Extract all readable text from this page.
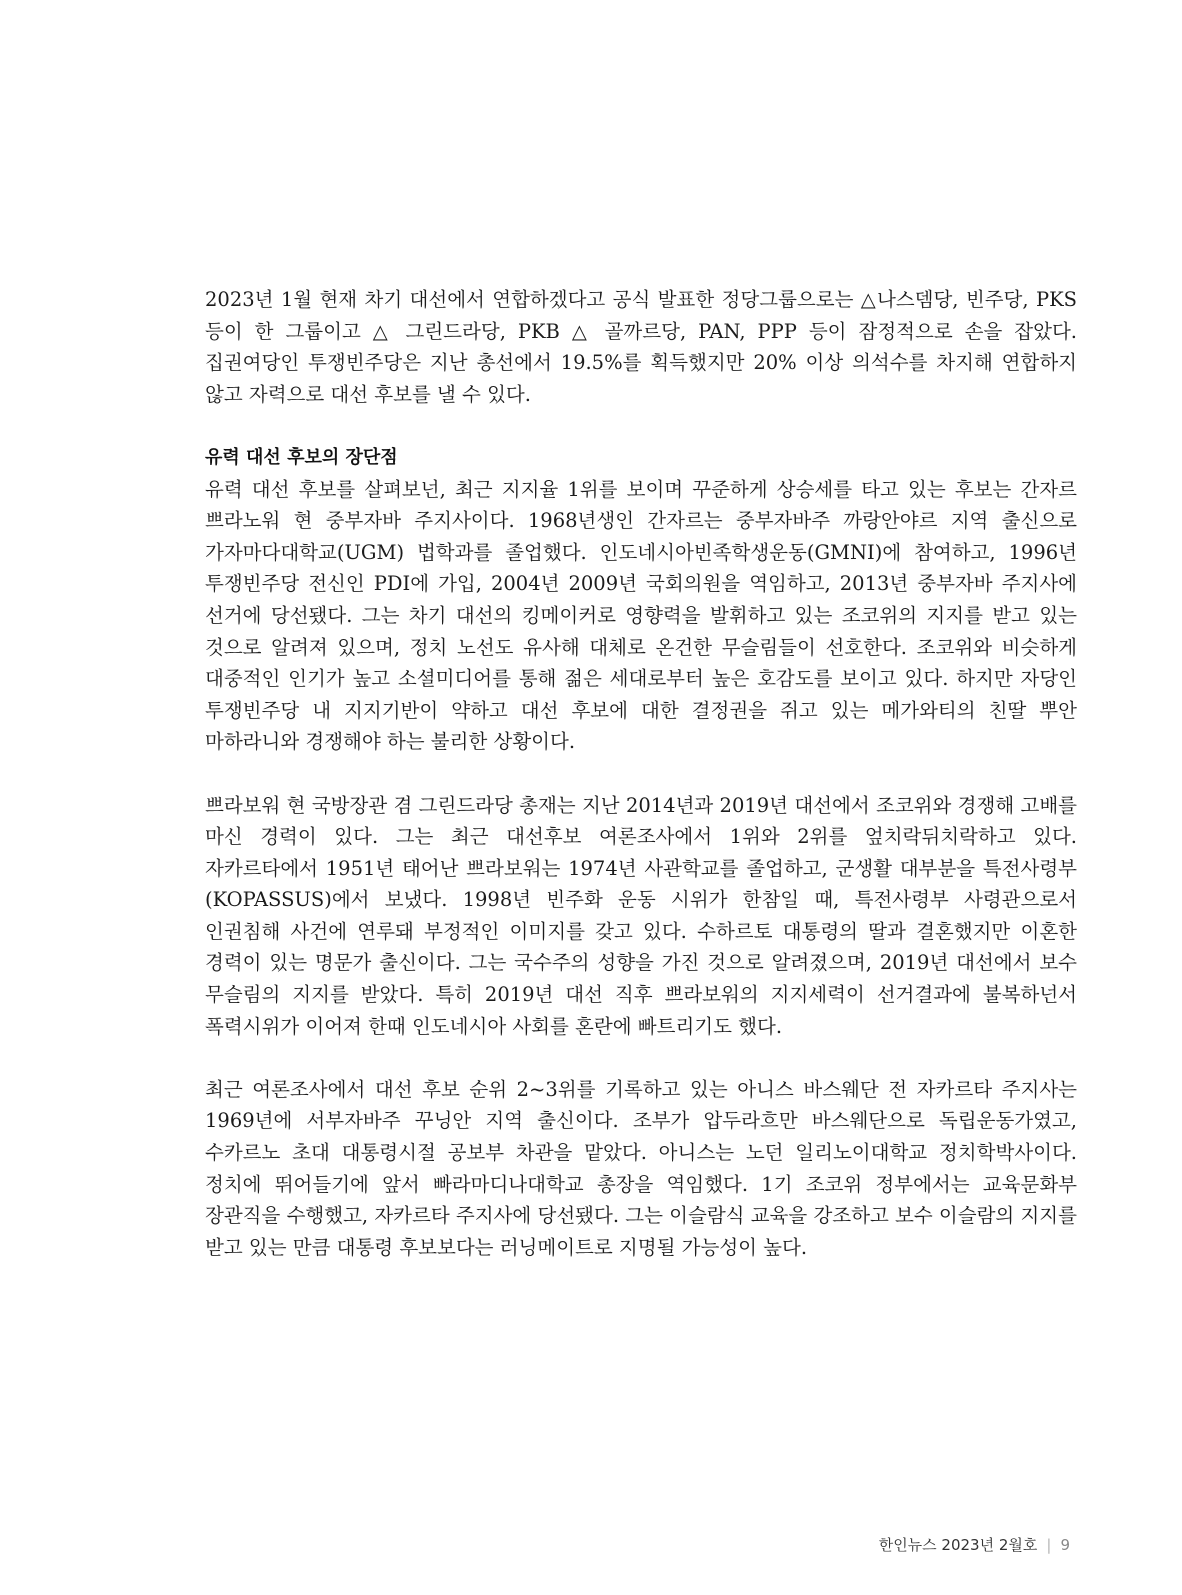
2023년 1월 현재 차기 대선에서 연합하겠다고 공식 발표한 정당그룹으로는 △나스뎀당, 빈주당, PKS 등이 한 그룹이고 △ 그린드라당, PKB △ 골까르당, PAN, PPP 등이 잠정적으로 손을 잡았다. 집권여당인 투쟁빈주당은 지난 총선에서 19.5%를 획득했지만 20% 이상 의석수를 차지해 연합하지 않고 자력으로 대선 후보를 낼 수 있다.

유력 대선 후보의 장단점

유력 대선 후보를 살펴보넌, 최근 지지율 1위를 보이며 꾸준하게 상승세를 타고 있는 후보는 간자르 쁘라노워 현 중부자바 주지사이다. 1968년생인 간자르는 중부자바주 까랑안야르 지역 출신으로 가자마다대학교(UGM) 법학과를 졸업했다. 인도네시아빈족학생운동(GMNI)에 참여하고, 1996년 투쟁빈주당 전신인 PDI에 가입, 2004년 2009년 국회의원을 역임하고, 2013년 중부자바 주지사에 선거에 당선됐다. 그는 차기 대선의 킹메이커로 영향력을 발휘하고 있는 조코위의 지지를 받고 있는 것으로 알려져 있으며, 정치 노선도 유사해 대체로 온건한 무슬림들이 선호한다. 조코위와 비슷하게 대중적인 인기가 높고 소셜미디어를 통해 젊은 세대로부터 높은 호감도를 보이고 있다. 하지만 자당인 투쟁빈주당 내 지지기반이 약하고 대선 후보에 대한 결정권을 쥐고 있는 메가와티의 친딸 뿌안 마하라니와 경쟁해야 하는 불리한 상황이다.

쁘라보워 현 국방장관 겸 그린드라당 총재는 지난 2014년과 2019년 대선에서 조코위와 경쟁해 고배를 마신 경력이 있다. 그는 최근 대선후보 여론조사에서 1위와 2위를 엎치락뒤치락하고 있다. 자카르타에서 1951년 태어난 쁘라보워는 1974년 사관학교를 졸업하고, 군생활 대부분을 특전사령부(KOPASSUS)에서 보냈다. 1998년 빈주화 운동 시위가 한참일 때, 특전사령부 사령관으로서 인권침해 사건에 연루돼 부정적인 이미지를 갖고 있다. 수하르토 대통령의 딸과 결혼했지만 이혼한 경력이 있는 명문가 출신이다. 그는 국수주의 성향을 가진 것으로 알려졌으며, 2019년 대선에서 보수 무슬림의 지지를 받았다. 특히 2019년 대선 직후 쁘라보워의 지지세력이 선거결과에 불복하넌서 폭력시위가 이어져 한때 인도네시아 사회를 혼란에 빠트리기도 했다.

최근 여론조사에서 대선 후보 순위 2~3위를 기록하고 있는 아니스 바스웨단 전 자카르타 주지사는 1969년에 서부자바주 꾸닝안 지역 출신이다. 조부가 압두라흐만 바스웨단으로 독립운동가였고, 수카르노 초대 대통령시절 공보부 차관을 맡았다. 아니스는 노던 일리노이대학교 정치학박사이다. 정치에 뛰어들기에 앞서 빠라마디나대학교 총장을 역임했다. 1기 조코위 정부에서는 교육문화부 장관직을 수행했고, 자카르타 주지사에 당선됐다. 그는 이슬람식 교육을 강조하고 보수 이슬람의 지지를 받고 있는 만큼 대통령 후보보다는 러닝메이트로 지명될 가능성이 높다.

한인뉴스 2023년 2월호 | 9
